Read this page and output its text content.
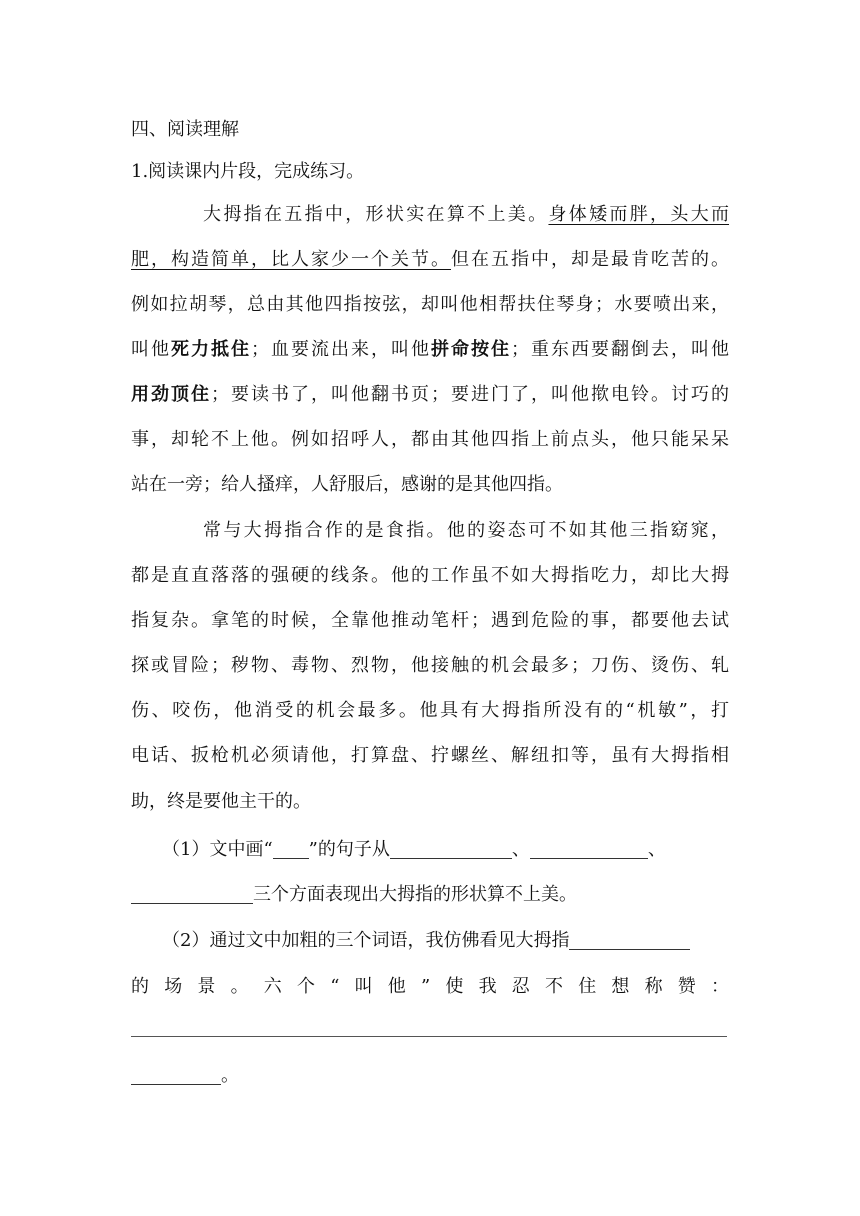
四、阅读理解
1.阅读课内片段，完成练习。
大拇指在五指中，形状实在算不上美。身体矮而胖，头大而
肥，构造简单，比人家少一个关节。但在五指中，却是最肯吃苦的。
例如拉胡琴，总由其他四指按弦，却叫他相帮扶住琴身；水要喷出来，
叫他死力抵住；血要流出来，叫他拼命按住；重东西要翻倒去，叫他
用劲顶住；要读书了，叫他翻书页；要进门了，叫他揿电铃。讨巧的
事，却轮不上他。例如招呼人，都由其他四指上前点头，他只能呆呆
站在一旁；给人搔痒，人舒服后，感谢的是其他四指。
常与大拇指合作的是食指。他的姿态可不如其他三指窈窕，
都是直直落落的强硬的线条。他的工作虽不如大拇指吃力，却比大拇
指复杂。拿笔的时候，全靠他推动笔杆；遇到危险的事，都要他去试
探或冒险；秽物、毒物、烈物，他接触的机会最多；刀伤、烫伤、轧
伤、咬伤，他消受的机会最多。他具有大拇指所没有的“机敏”，打
电话、扳枪机必须请他，打算盘、拧螺丝、解纽扣等，虽有大拇指相
助，终是要他主干的。
（1）文中画“ ”的句子从	、	、
三个方面表现出大拇指的形状算不上美。
（2）通过文中加粗的三个词语，我仿佛看见大拇指
的场景。六个“叫他”使我忍不住想称赞：
。
